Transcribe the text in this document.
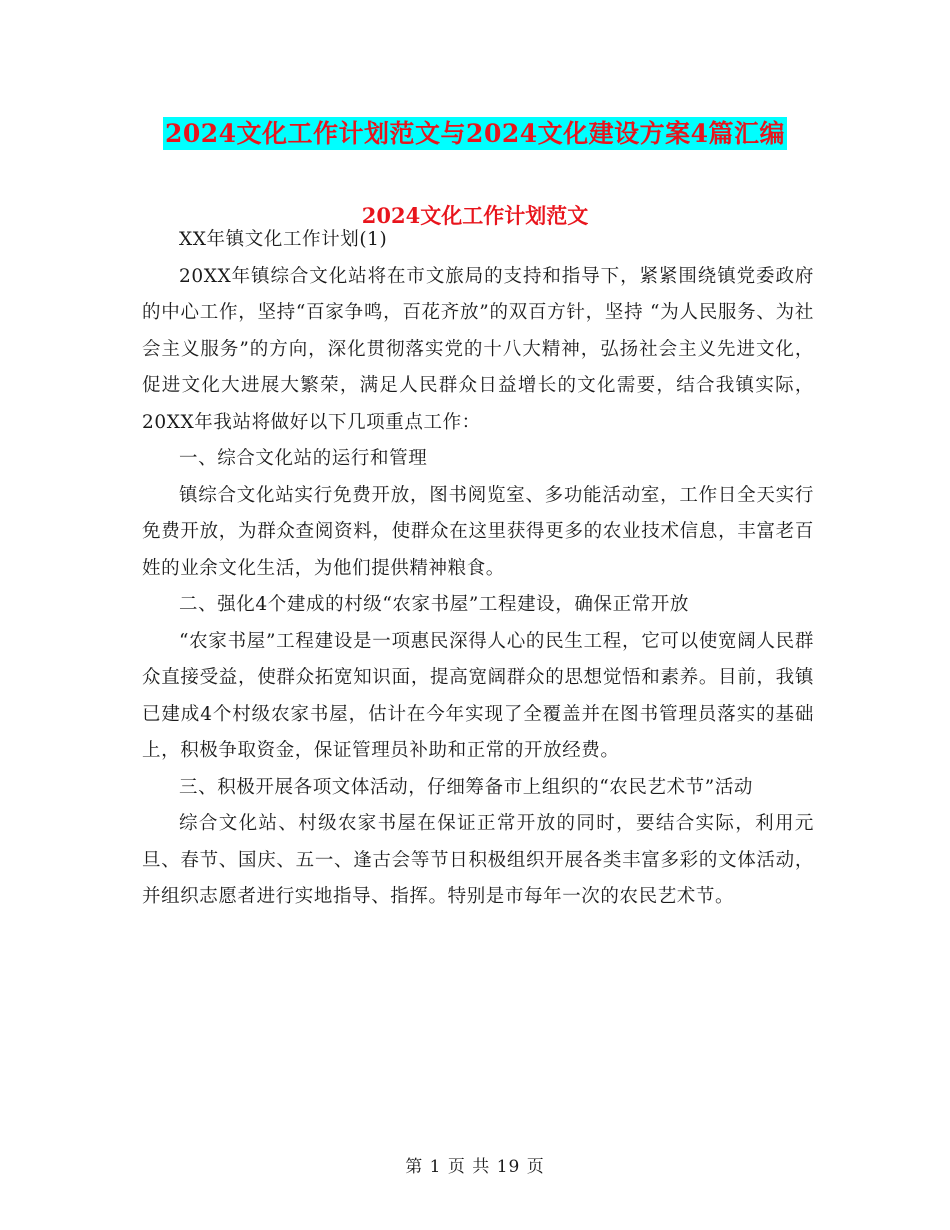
2024文化工作计划范文与2024文化建设方案4篇汇编
2024文化工作计划范文

XX年镇文化工作计划(1)

20XX年镇综合文化站将在市文旅局的支持和指导下，紧紧围绕镇党委政府的中心工作，坚持“百家争鸣，百花齐放”的双百方针，坚持 “为人民服务、为社会主义服务”的方向，深化贯彻落实党的十八大精神，弘扬社会主义先进文化，促进文化大进展大繁荣，满足人民群众日益增长的文化需要，结合我镇实际，20XX年我站将做好以下几项重点工作：

一、综合文化站的运行和管理

镇综合文化站实行免费开放，图书阅览室、多功能活动室，工作日全天实行免费开放，为群众查阅资料，使群众在这里获得更多的农业技术信息，丰富老百姓的业余文化生活，为他们提供精神粮食。

二、强化4个建成的村级“农家书屋”工程建设，确保正常开放

“农家书屋”工程建设是一项惠民深得人心的民生工程，它可以使宽阔人民群众直接受益，使群众拓宽知识面，提高宽阔群众的思想觉悟和素养。目前，我镇已建成4个村级农家书屋，估计在今年实现了全覆盖并在图书管理员落实的基础上，积极争取资金，保证管理员补助和正常的开放经费。

三、积极开展各项文体活动，仔细筹备市上组织的“农民艺术节”活动

综合文化站、村级农家书屋在保证正常开放的同时，要结合实际，利用元旦、春节、国庆、五一、逢古会等节日积极组织开展各类丰富多彩的文体活动，并组织志愿者进行实地指导、指挥。特别是市每年一次的农民艺术节。

第 1 页 共 19 页
